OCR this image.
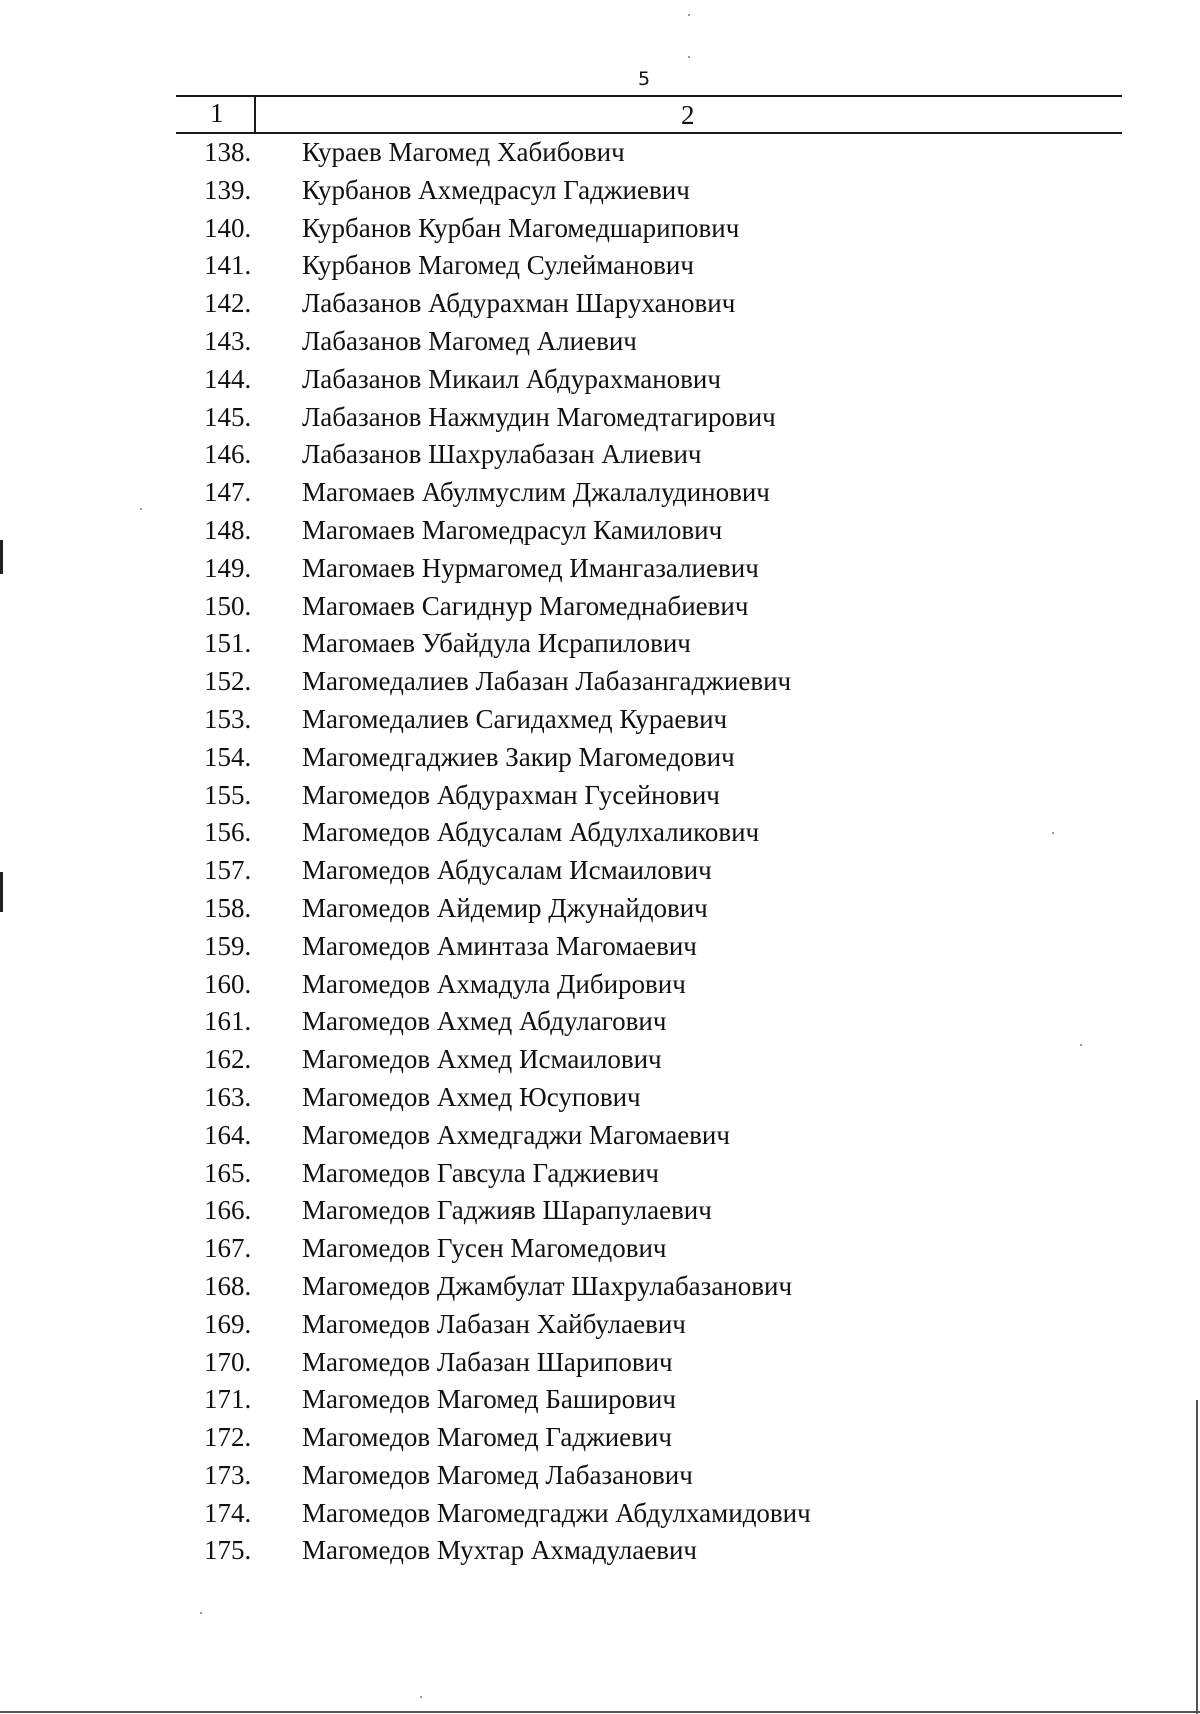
5
1	2
138.	Кураев Магомед Хабибович
139.	Курбанов Ахмедрасул Гаджиевич
140.	Курбанов Курбан Магомедшарипович
141.	Курбанов Магомед Сулейманович
142.	Лабазанов Абдурахман Шаруханович
143.	Лабазанов Магомед Алиевич
144.	Лабазанов Микаил Абдурахманович
145.	Лабазанов Нажмудин Магомедтагирович
146.	Лабазанов Шахрулабазан Алиевич
147.	Магомаев Абулмуслим Джалалудинович
148.	Магомаев Магомедрасул Камилович
149.	Магомаев Нурмагомед Имангазалиевич
150.	Магомаев Сагиднур Магомеднабиевич
151.	Магомаев Убайдула Исрапилович
152.	Магомедалиев Лабазан Лабазангаджиевич
153.	Магомедалиев Сагидахмед Кураевич
154.	Магомедгаджиев Закир Магомедович
155.	Магомедов Абдурахман Гусейнович
156.	Магомедов Абдусалам Абдулхаликович
157.	Магомедов Абдусалам Исмаилович
158.	Магомедов Айдемир Джунайдович
159.	Магомедов Аминтаза Магомаевич
160.	Магомедов Ахмадула Дибирович
161.	Магомедов Ахмед Абдулагович
162.	Магомедов Ахмед Исмаилович
163.	Магомедов Ахмед Юсупович
164.	Магомедов Ахмедгаджи Магомаевич
165.	Магомедов Гавсула Гаджиевич
166.	Магомедов Гаджияв Шарапулаевич
167.	Магомедов Гусен Магомедович
168.	Магомедов Джамбулат Шахрулабазанович
169.	Магомедов Лабазан Хайбулаевич
170.	Магомедов Лабазан Шарипович
171.	Магомедов Магомед Баширович
172.	Магомедов Магомед Гаджиевич
173.	Магомедов Магомед Лабазанович
174.	Магомедов Магомедгаджи Абдулхамидович
175.	Магомедов Мухтар Ахмадулаевич
